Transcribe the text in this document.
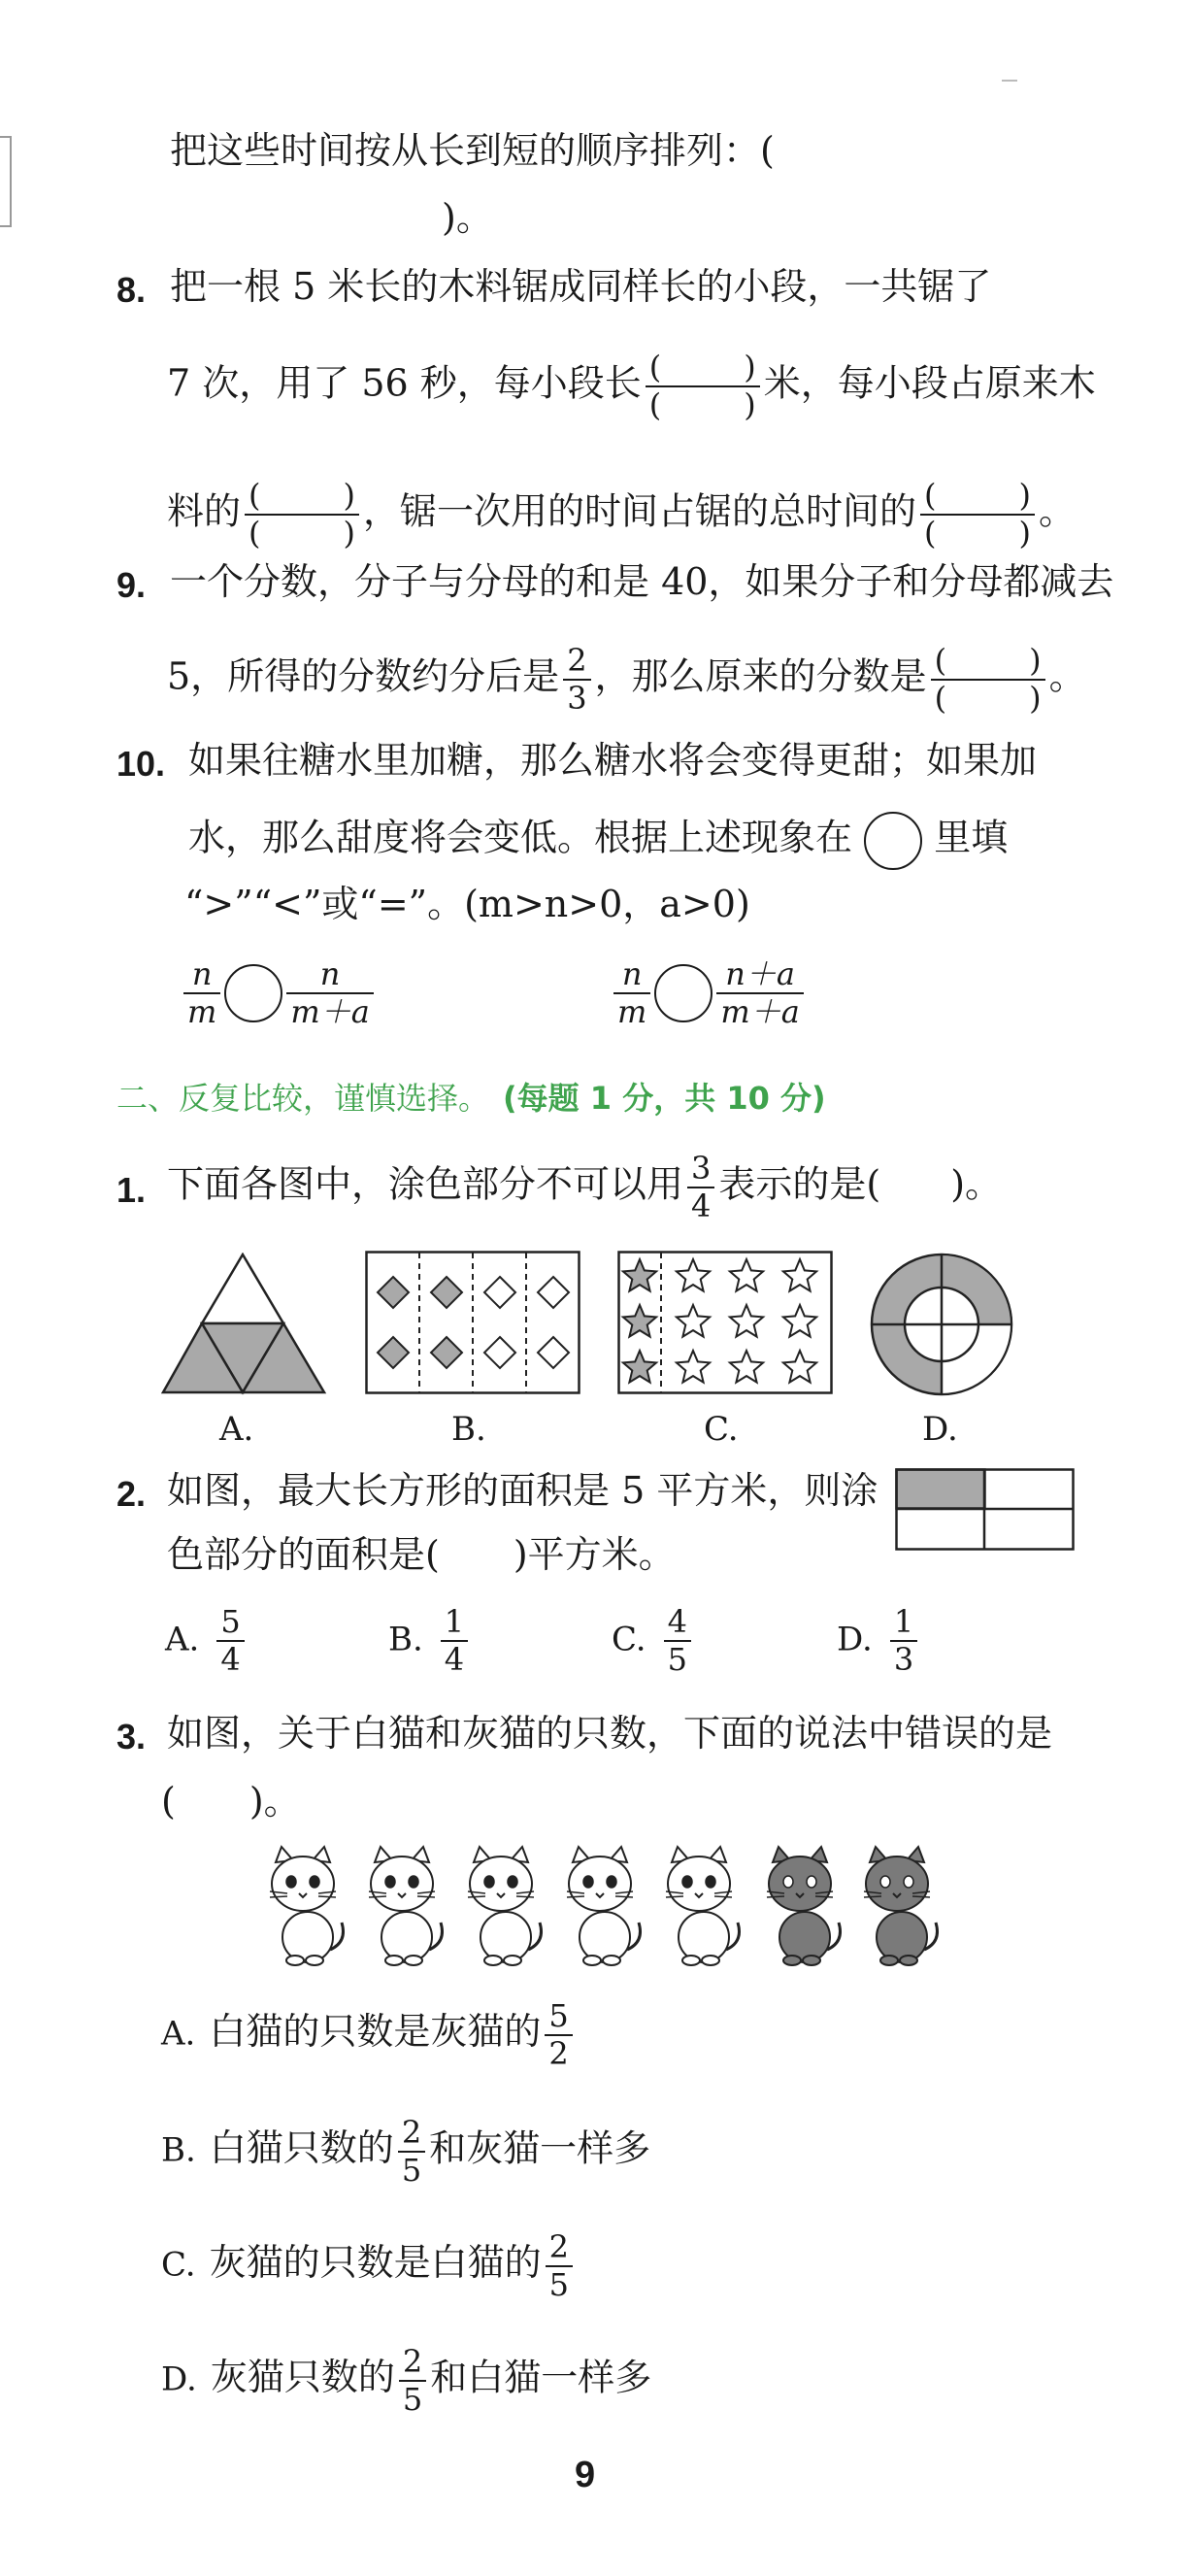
把这些时间按从长到短的顺序排列：(
)。
8. 把一根 5 米长的木料锯成同样长的小段，一共锯了
7 次，用了 56 秒，每小段长 (	)
(	) 米，每小段占原来木
料的 (	)
(	) ，锯一次用的时间占锯的总时间的 (	)
(	) 。
9. 一个分数，分子与分母的和是 40，如果分子和分母都减去
5，所得的分数约分后是 $\frac{2}{3}$ ，那么原来的分数是 (	)
(	) 。
10. 如果往糖水里加糖，那么糖水将会变得更甜；如果加
水，那么甜度将会变低。根据上述现象在 里填
“>”“<”或“=”。(m>n>0，a>0)
$\frac{n}{m} \frac{n}{m+a}$	$\frac{n}{m} \frac{n+a}{m+a}$
二、反复比较，谨慎选择。 (每题 1 分，共 10 分)
1. 下面各图中，涂色部分不可以用 $\frac{3}{4}$ 表示的是( )。
A.	B.	C.	D.
2. 如图，最大长方形的面积是 5 平方米，则涂
色部分的面积是(　　)平方米。
A. $\frac{5}{4}$	B. $\frac{1}{4}$	C. $\frac{4}{5}$	D. $\frac{1}{3}$
3. 如图，关于白猫和灰猫的只数，下面的说法中错误的是
(　　)。
A. 白猫的只数是灰猫的 $\frac{5}{2}$
B. 白猫只数的 $\frac{2}{5}$ 和灰猫一样多
C. 灰猫的只数是白猫的 $\frac{2}{5}$
D. 灰猫只数的 $\frac{2}{5}$ 和白猫一样多
9
